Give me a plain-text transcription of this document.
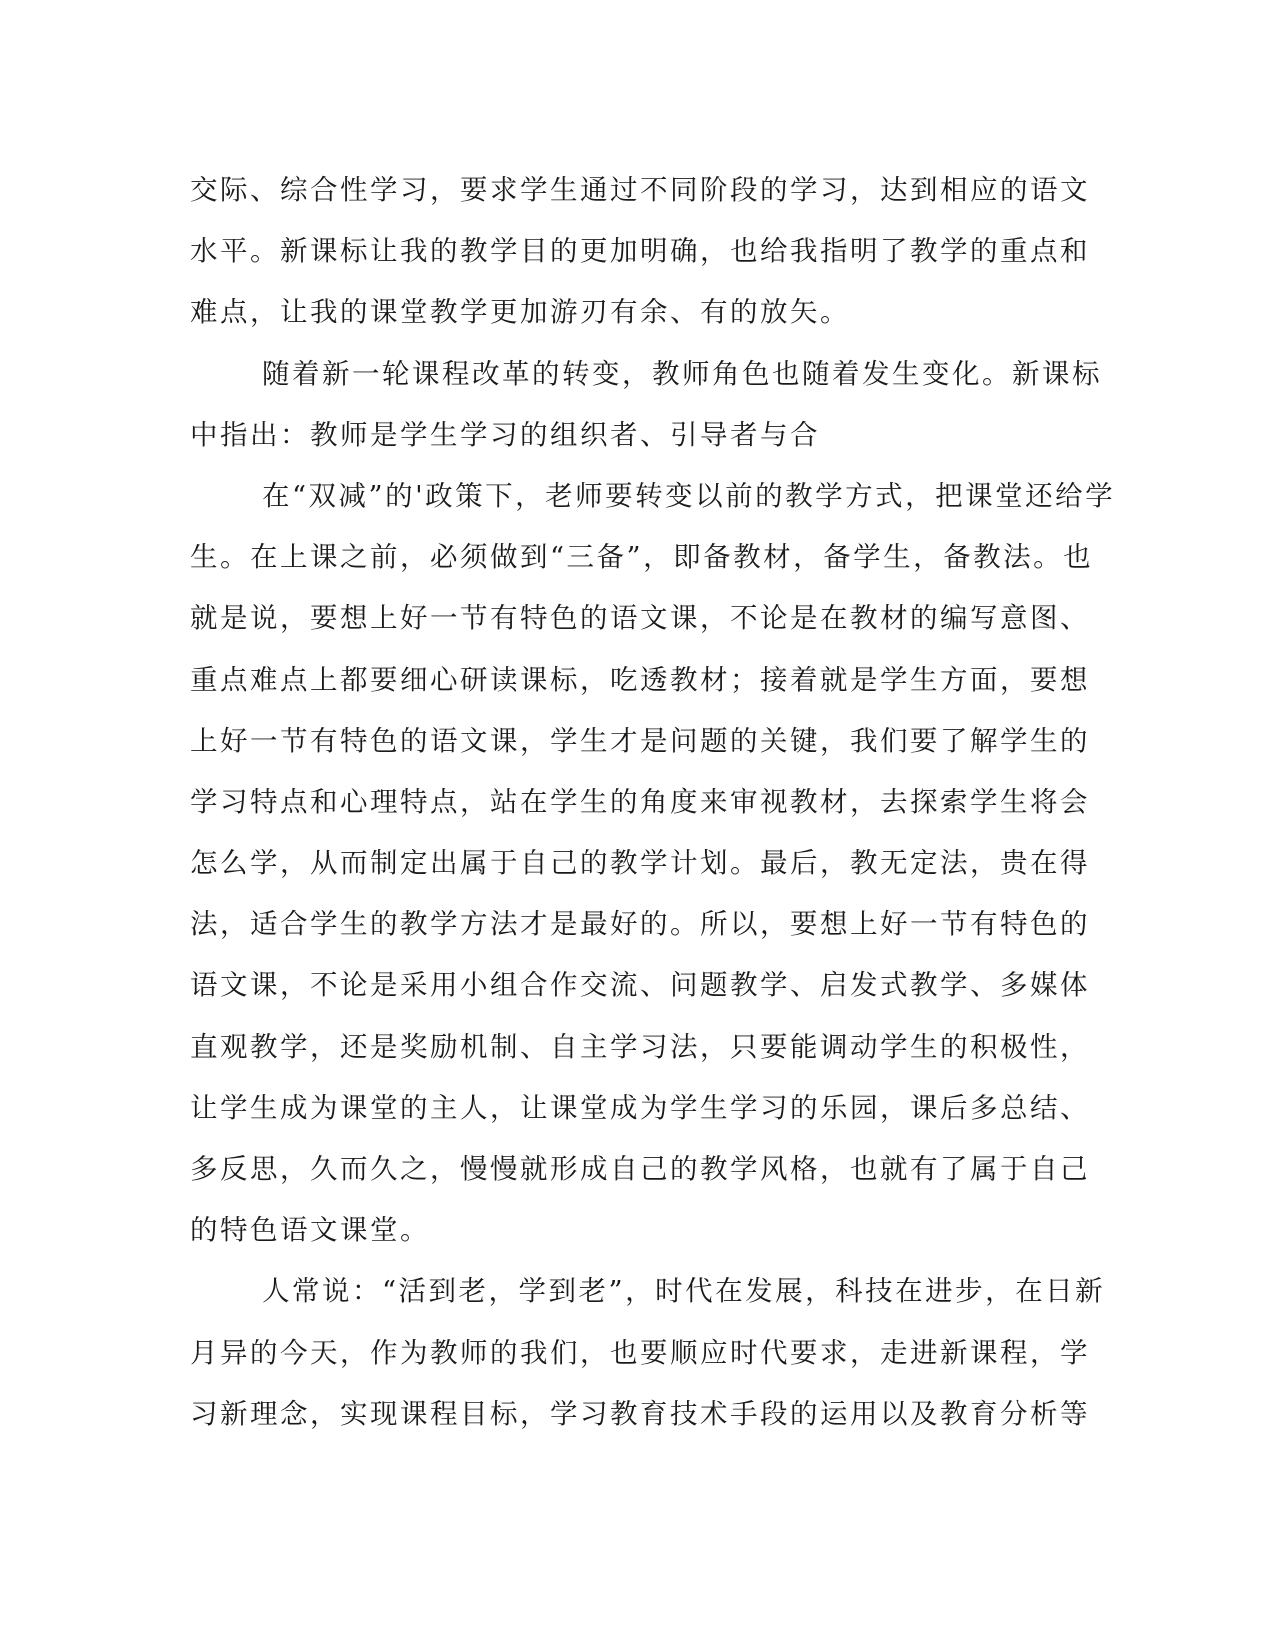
交际、综合性学习，要求学生通过不同阶段的学习，达到相应的语文
水平。新课标让我的教学目的更加明确，也给我指明了教学的重点和
难点，让我的课堂教学更加游刃有余、有的放矢。
随着新一轮课程改革的转变，教师角色也随着发生变化。新课标
中指出：教师是学生学习的组织者、引导者与合
在“双减”的'政策下，老师要转变以前的教学方式，把课堂还给学
生。在上课之前，必须做到“三备”，即备教材，备学生，备教法。也
就是说，要想上好一节有特色的语文课，不论是在教材的编写意图、
重点难点上都要细心研读课标，吃透教材；接着就是学生方面，要想
上好一节有特色的语文课，学生才是问题的关键，我们要了解学生的
学习特点和心理特点，站在学生的角度来审视教材，去探索学生将会
怎么学，从而制定出属于自己的教学计划。最后，教无定法，贵在得
法，适合学生的教学方法才是最好的。所以，要想上好一节有特色的
语文课，不论是采用小组合作交流、问题教学、启发式教学、多媒体
直观教学，还是奖励机制、自主学习法，只要能调动学生的积极性，
让学生成为课堂的主人，让课堂成为学生学习的乐园，课后多总结、
多反思，久而久之，慢慢就形成自己的教学风格，也就有了属于自己
的特色语文课堂。
人常说：“活到老，学到老”，时代在发展，科技在进步，在日新
月异的今天，作为教师的我们，也要顺应时代要求，走进新课程，学
习新理念，实现课程目标，学习教育技术手段的运用以及教育分析等
